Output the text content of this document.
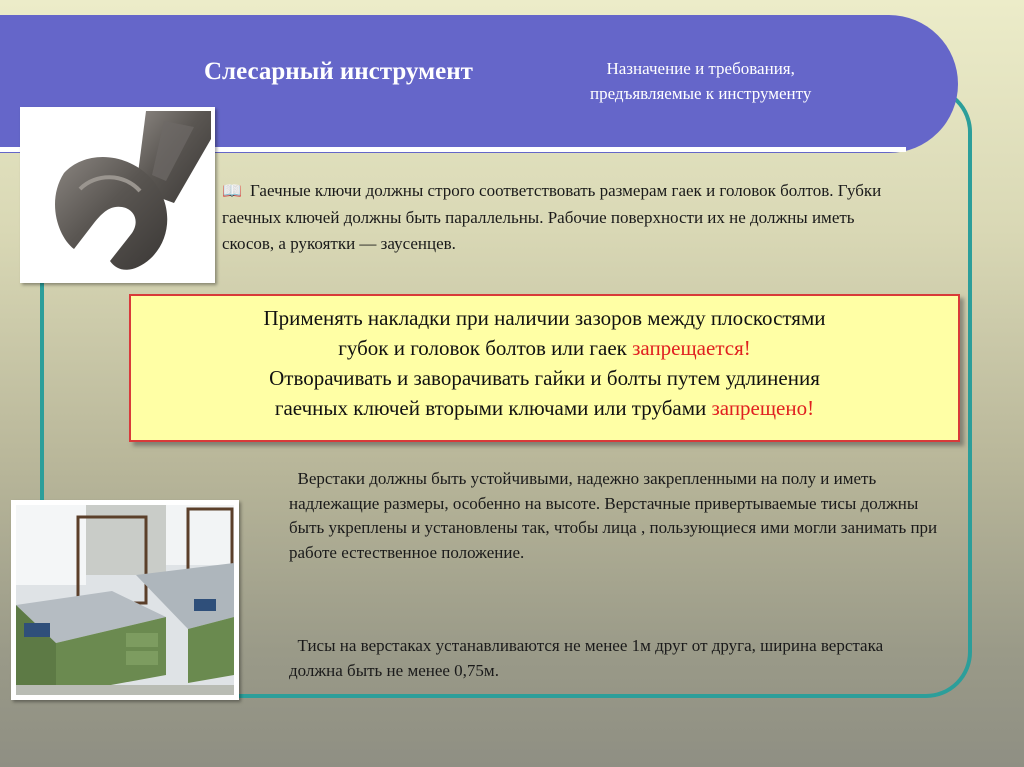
Слесарный инструмент	Назначение и требования,
предъявляемые к инструменту

📖 Гаечные ключи должны строго соответствовать размерам гаек и головок болтов. Губки гаечных ключей должны быть параллельны. Рабочие поверхности их не должны иметь скосов, а рукоятки — заусенцев.

Применять накладки при наличии зазоров между плоскостями
губок и головок болтов или гаек запрещается!
Отворачивать и заворачивать гайки и болты путем удлинения
гаечных ключей вторыми ключами или трубами запрещено!

Верстаки должны быть устойчивыми, надежно закрепленными на полу и иметь надлежащие размеры, особенно на высоте. Верстачные привертываемые тисы должны быть укреплены и установлены так, чтобы лица , пользующиеся ими могли занимать при работе естественное положение.

Тисы на верстаках устанавливаются не менее 1м друг от друга, ширина верстака должна быть не менее 0,75м.
